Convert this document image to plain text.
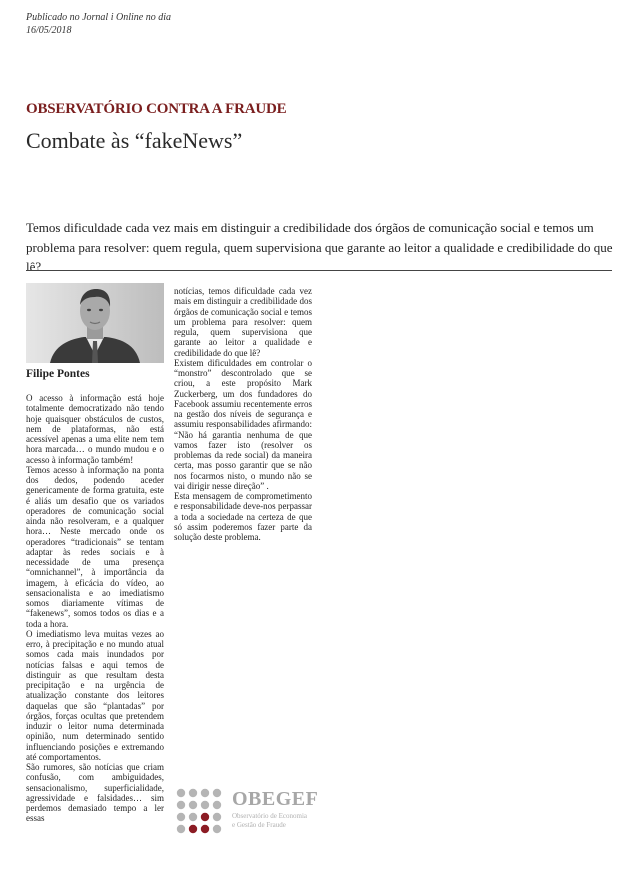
Publicado no Jornal i Online no dia
16/05/2018
OBSERVATÓRIO CONTRA A FRAUDE
Combate às “fakeNews”

Temos dificuldade cada vez mais em distinguir a credibilidade dos órgãos de comunicação social e temos um problema para resolver: quem regula, quem supervisiona que garante ao leitor a qualidade e credibilidade do que lê?

Filipe Pontes

O acesso à informação está hoje totalmente democratizado não tendo hoje quaisquer obstáculos de custos, nem de plataformas, não está acessível apenas a uma elite nem tem hora marcada… o mundo mudou e o acesso à informação também!

Temos acesso à informação na ponta dos dedos, podendo aceder genericamente de forma gratuita, este é aliás um desafio que os variados operadores de comunicação social ainda não resolveram, e a qualquer hora… Neste mercado onde os operadores “tradicionais” se tentam adaptar às redes sociais e à necessidade de uma presença “omnichannel”, à importância da imagem, à eficácia do vídeo, ao sensacionalista e ao imediatismo somos diariamente vítimas de “fakenews”, somos todos os dias e a toda a hora.

O imediatismo leva muitas vezes ao erro, à precipitação e no mundo atual somos cada mais inundados por notícias falsas e aqui temos de distinguir as que resultam desta precipitação e na urgência de atualização constante dos leitores daquelas que são “plantadas” por órgãos, forças ocultas que pretendem induzir o leitor numa determinada opinião, num determinado sentido influenciando posições e extremando até comportamentos.

São rumores, são notícias que criam confusão, com ambiguidades, sensacionalismo, superficialidade, agressividade e falsidades… sim perdemos demasiado tempo a ler essas

notícias, temos dificuldade cada vez mais em distinguir a credibilidade dos órgãos de comunicação social e temos um problema para resolver: quem regula, quem supervisiona que garante ao leitor a qualidade e credibilidade do que lê?

Existem dificuldades em controlar o “monstro” descontrolado que se criou, a este propósito Mark Zuckerberg, um dos fundadores do Facebook assumiu recentemente erros na gestão dos níveis de segurança e assumiu responsabilidades afirmando: “Não há garantia nenhuma de que vamos fazer isto (resolver os problemas da rede social) da maneira certa, mas posso garantir que se não nos focarmos nisto, o mundo não se vai dirigir nesse direção” .

Esta mensagem de comprometimento e responsabilidade deve-nos perpassar a toda a sociedade na certeza de que só assim poderemos fazer parte da solução deste problema.

OBEGEF
Observatório de Economia
e Gestão de Fraude
